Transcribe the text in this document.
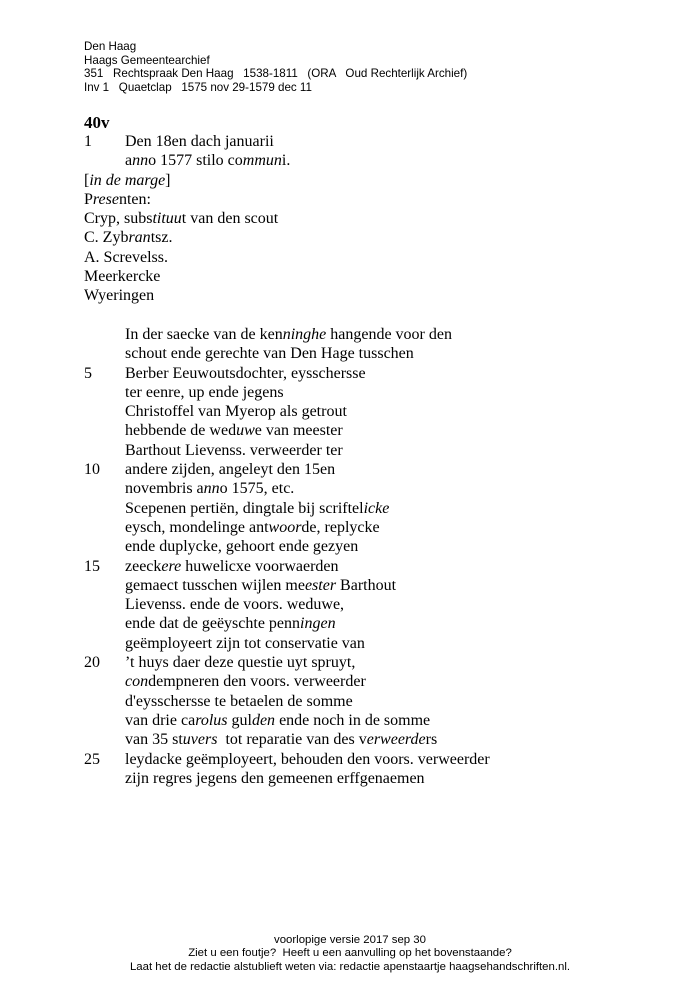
Den Haag
Haags Gemeentearchief
351   Rechtspraak Den Haag   1538-1811   (ORA   Oud Rechterlijk Archief)
Inv 1   Quaetclap   1575 nov 29-1579 dec 11
40v
1	Den 18en dach januarii
anno 1577 stilo communi.
[in de marge]
Presenten:
Cryp, substituut van den scout
C. Zybrantsz.
A. Screvelss.
Meerkercke
Wyeringen
In der saecke van de kenninghe hangende voor den
schout ende gerechte van Den Hage tusschen
5	Berber Eeuwoutsdochter, eysschersse
ter eenre, up ende jegens
Christoffel van Myerop als getrout
hebbende de weduwe van meester
Barthout Lievenss. verweerder ter
10	andere zijden, angeleyt den 15en
novembris anno 1575, etc.
Scepenen pertiën, dingtale bij scriftelicke
eysch, mondelinge antwoorde, replycke
ende duplycke, gehoort ende gezyen
15	zeeckere huwelicxe voorwaerden
gemaect tusschen wijlen meester Barthout
Lievenss. ende de voors. weduwe,
ende dat de geëyschte penningen
geëmployeert zijn tot conservatie van
20	’t huys daer deze questie uyt spruyt,
condempneren den voors. verweerder
d'eysschersse te betaelen de somme
van drie carolus gulden ende noch in de somme
van 35 stuvers  tot reparatie van des verweerders
25	leydacke geëmployeert, behouden den voors. verweerder
zijn regres jegens den gemeenen erffgenaemen
voorlopige versie 2017 sep 30
Ziet u een foutje?  Heeft u een aanvulling op het bovenstaande?
Laat het de redactie alstublieft weten via: redactie apenstaartje haagsehandschriften.nl.
